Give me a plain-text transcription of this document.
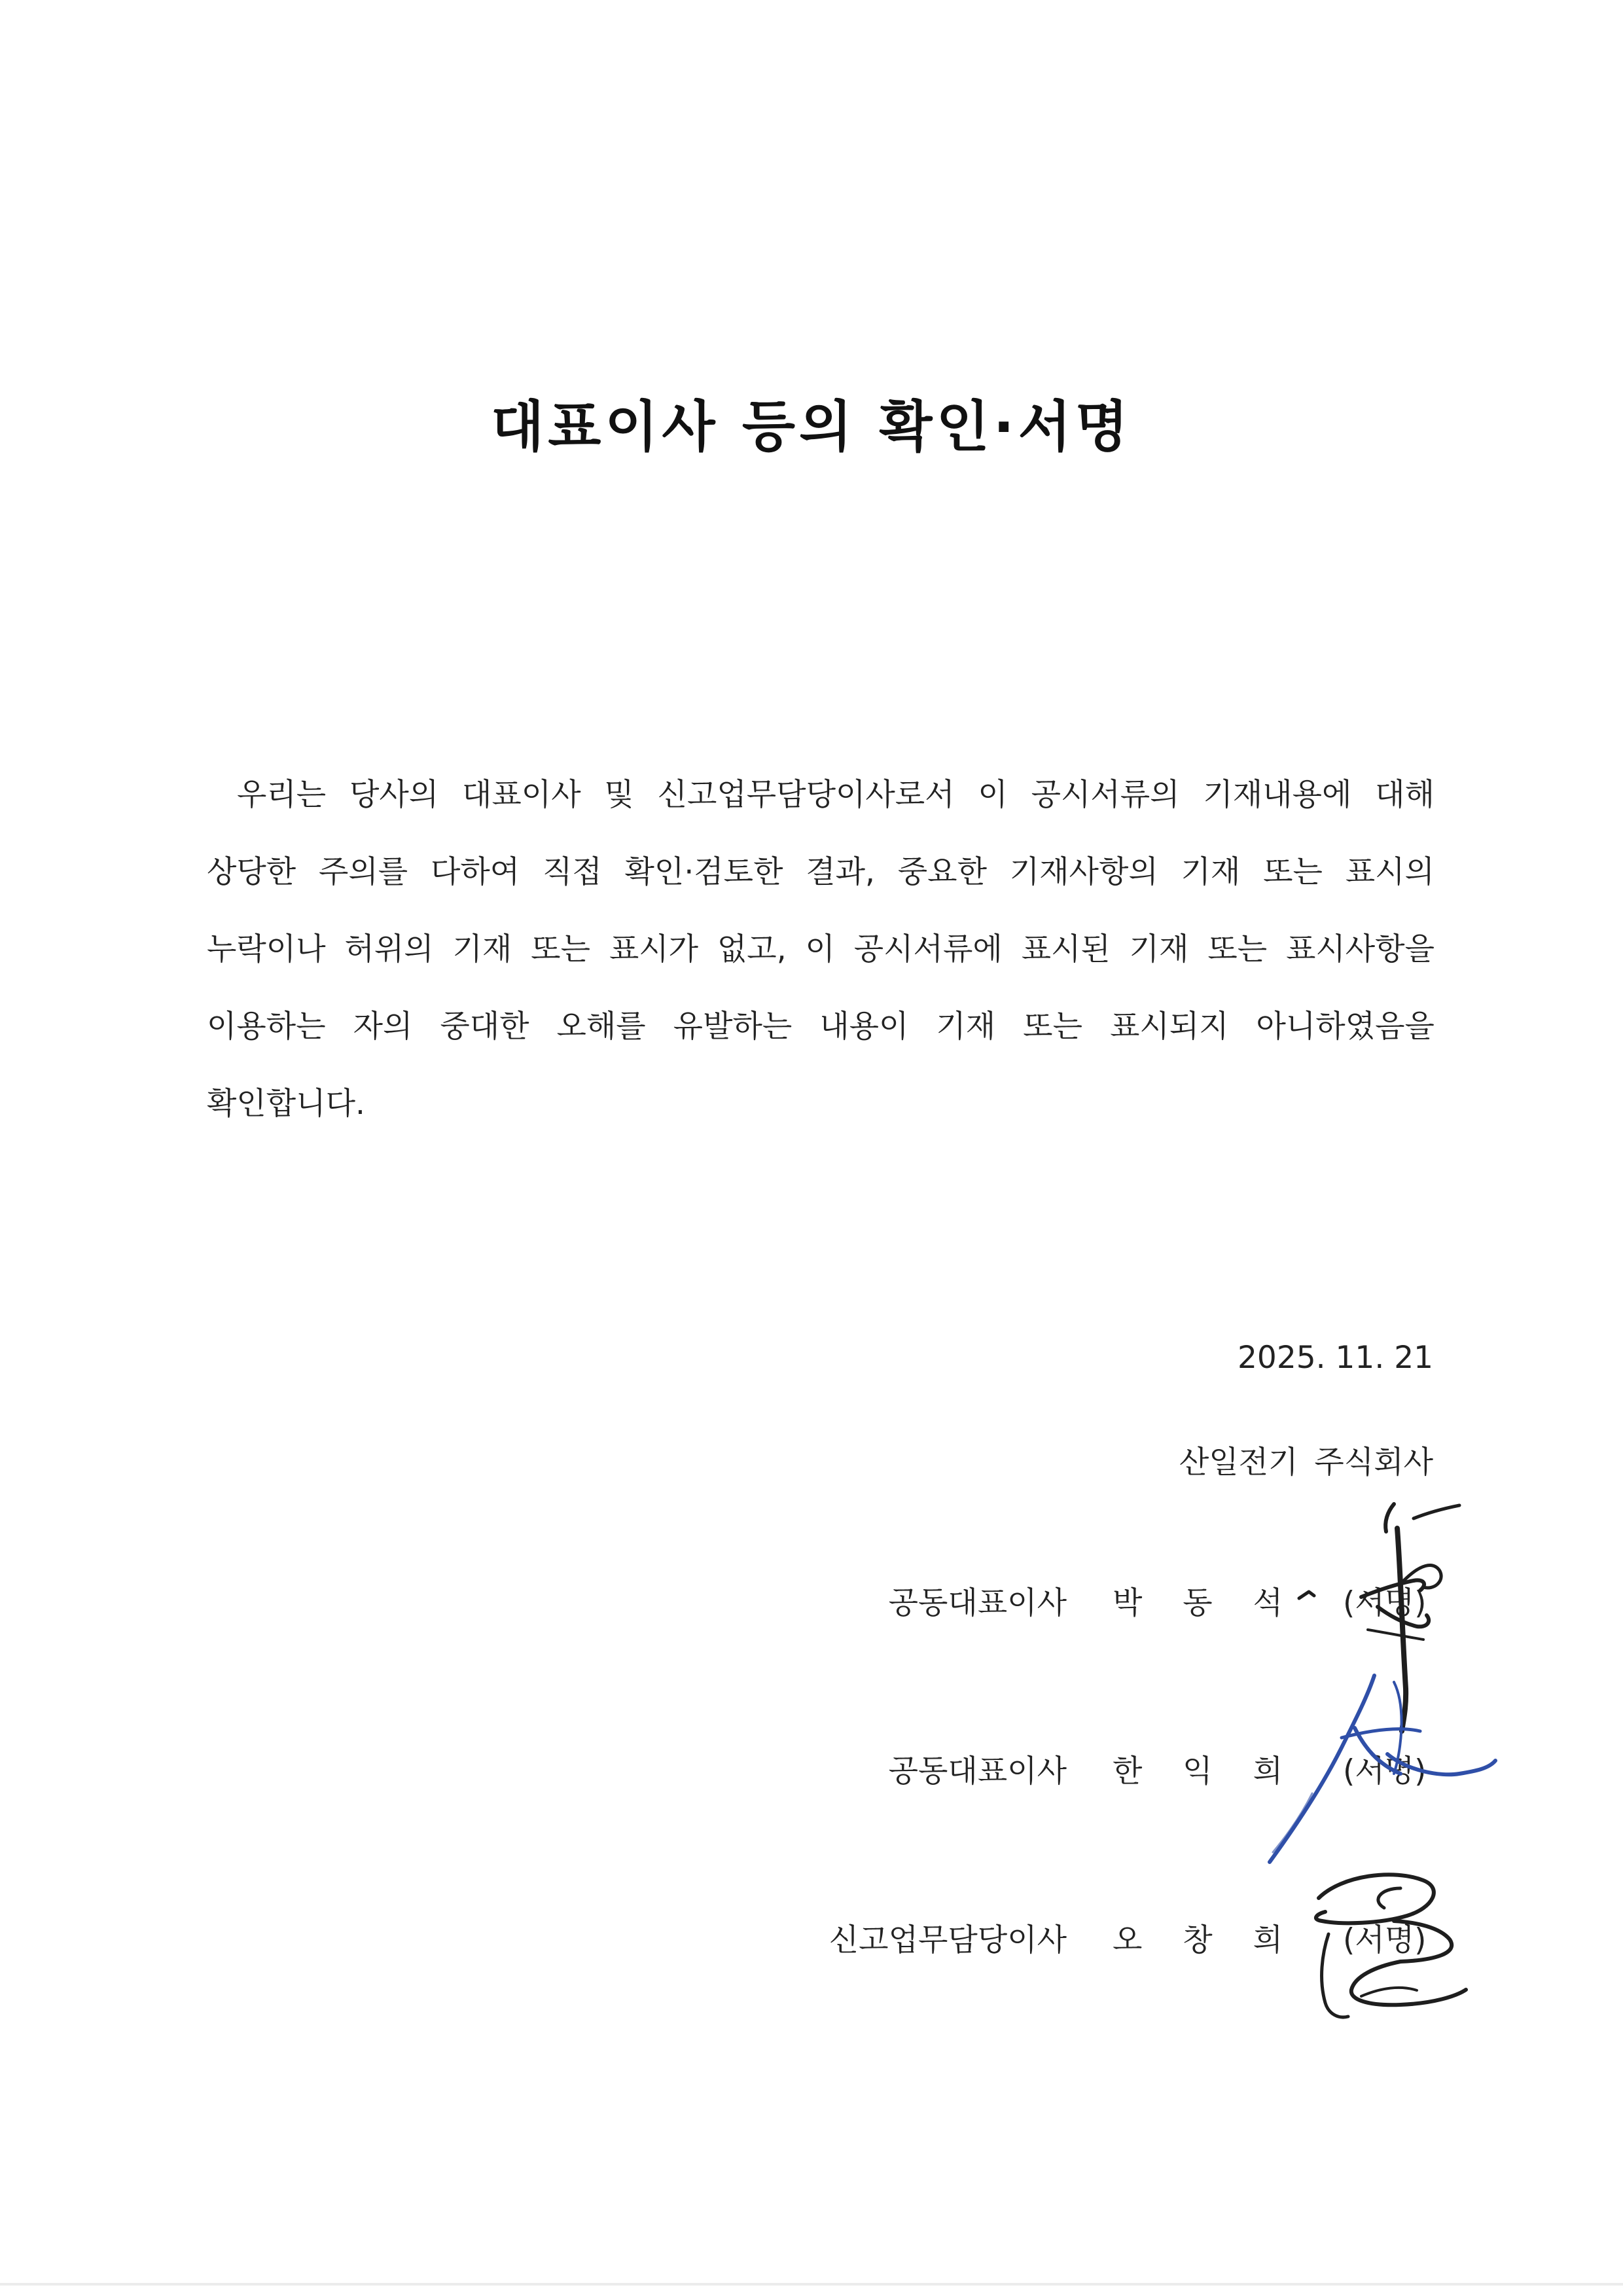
대표이사 등의 확인·서명
우리는 당사의 대표이사 및 신고업무담당이사로서 이 공시서류의 기재내용에 대해
상당한 주의를 다하여 직접 확인·검토한 결과, 중요한 기재사항의 기재 또는 표시의
누락이나 허위의 기재 또는 표시가 없고, 이 공시서류에 표시된 기재 또는 표시사항을
이용하는 자의 중대한 오해를 유발하는 내용이 기재 또는 표시되지 아니하였음을
확인합니다.
2025. 11. 21
산일전기 주식회사
공동대표이사 박 동 석 (서명)
공동대표이사 한 익 희 (서명)
신고업무담당이사 오 창 희 (서명)
